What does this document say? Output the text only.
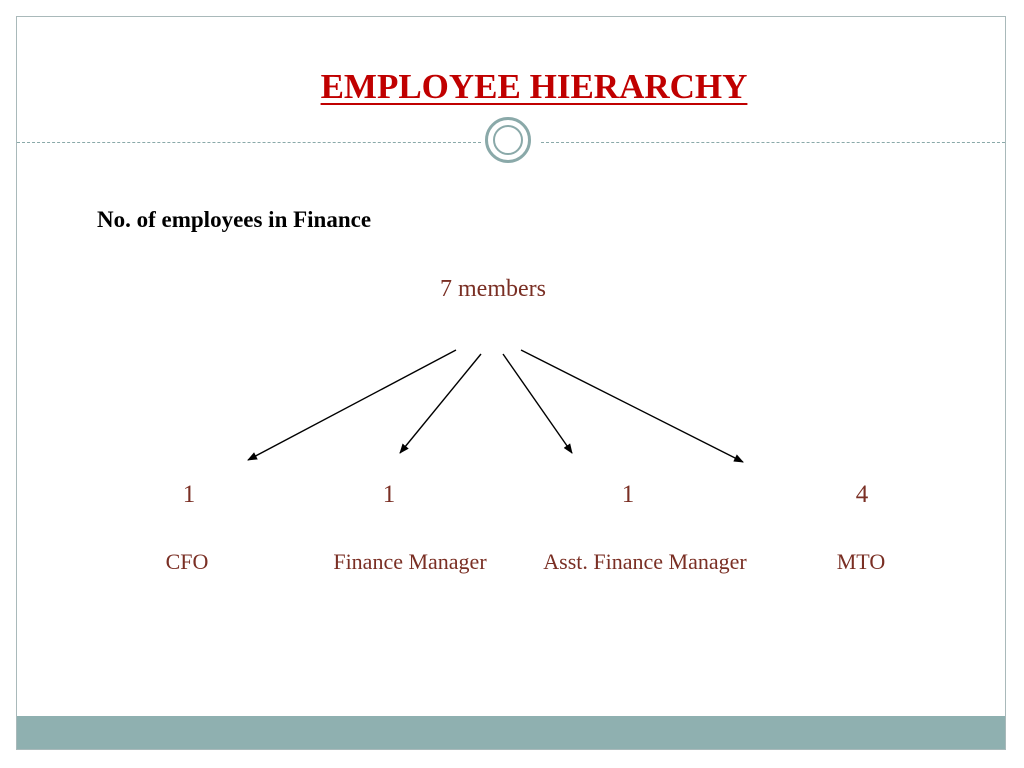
EMPLOYEE HIERARCHY
No. of employees in Finance
7 members
1	1	1	4
CFO	Finance Manager	Asst. Finance Manager	MTO
